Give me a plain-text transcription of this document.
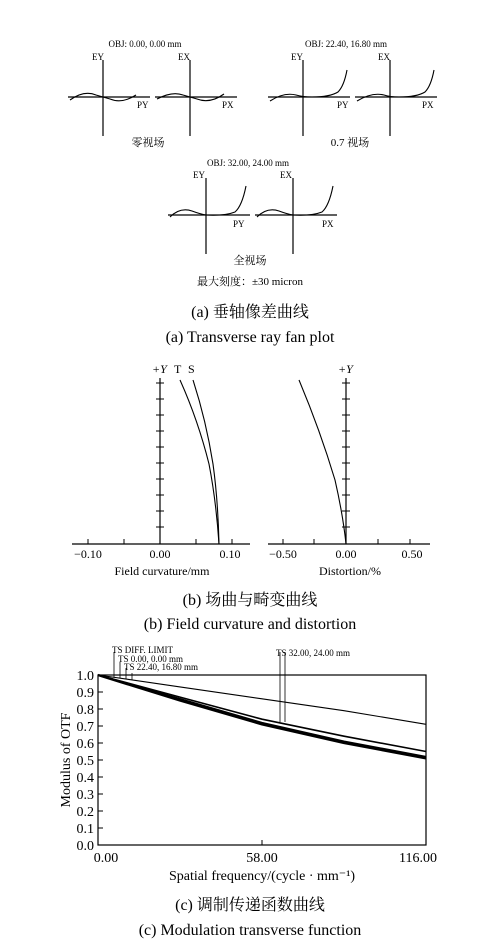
OBJ: 0.00, 0.00 mm
EY
PY
EX
PX
零视场
OBJ: 22.40, 16.80 mm
EY
PY
EX
PX
0.7 视场
OBJ: 32.00, 24.00 mm
EY
PY
EX
PX
全视场
最大刻度：±30 micron
(a) 垂轴像差曲线
(a) Transverse ray fan plot
+Y T S
−0.10	0.00	0.10
Field curvature/mm
+Y
−0.50	0.00	0.50
Distortion/%
(b) 场曲与畸变曲线
(b) Field curvature and distortion
0.0
0.1
0.2
0.3
0.4
0.5
0.6
0.7
0.8
0.9
1.0
0.00	58.00	116.00
Modulus of OTF
Spatial frequency/(cycle · mm⁻¹)
TS DIFF. LIMIT
TS 0.00, 0.00 mm
TS 22.40, 16.80 mm
TS 32.00, 24.00 mm
(c) 调制传递函数曲线
(c) Modulation transverse function
